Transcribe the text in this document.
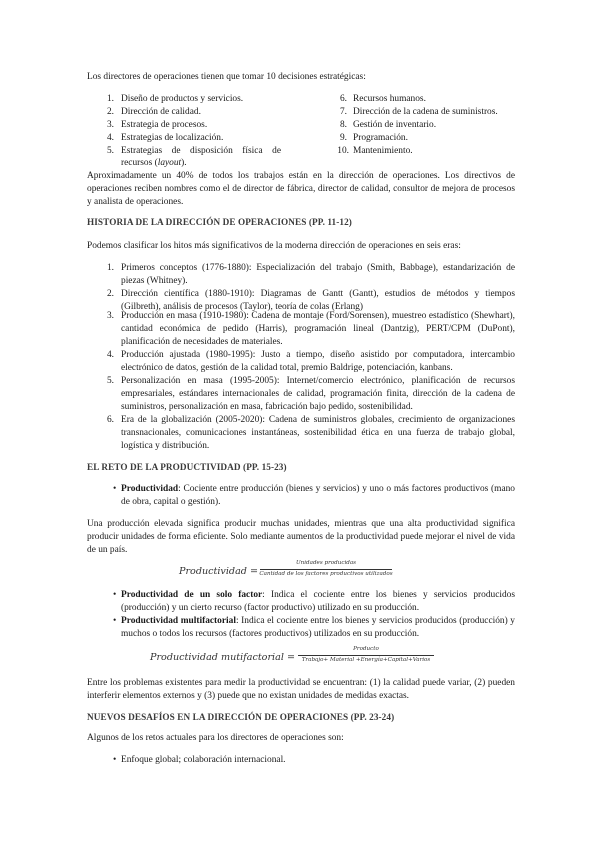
Los directores de operaciones tienen que tomar 10 decisiones estratégicas:
1. Diseño de productos y servicios.
2. Dirección de calidad.
3. Estrategia de procesos.
4. Estrategias de localización.
5. Estrategias de disposición física de
recursos (layout).
6. Recursos humanos.
7. Dirección de la cadena de suministros.
8. Gestión de inventario.
9. Programación.
10. Mantenimiento.
Aproximadamente un 40% de todos los trabajos están en la dirección de operaciones. Los directivos de operaciones reciben nombres como el de director de fábrica, director de calidad, consultor de mejora de procesos y analista de operaciones.
HISTORIA DE LA DIRECCIÓN DE OPERACIONES (PP. 11-12)
Podemos clasificar los hitos más significativos de la moderna dirección de operaciones en seis eras:
1. Primeros conceptos (1776-1880): Especialización del trabajo (Smith, Babbage), estandarización de piezas (Whitney).
2. Dirección científica (1880-1910): Diagramas de Gantt (Gantt), estudios de métodos y tiempos (Gilbreth), análisis de procesos (Taylor), teoría de colas (Erlang)
3. Producción en masa (1910-1980): Cadena de montaje (Ford/Sorensen), muestreo estadístico (Shewhart), cantidad económica de pedido (Harris), programación lineal (Dantzig), PERT/CPM (DuPont), planificación de necesidades de materiales.
4. Producción ajustada (1980-1995): Justo a tiempo, diseño asistido por computadora, intercambio electrónico de datos, gestión de la calidad total, premio Baldrige, potenciación, kanbans.
5. Personalización en masa (1995-2005): Internet/comercio electrónico, planificación de recursos empresariales, estándares internacionales de calidad, programación finita, dirección de la cadena de suministros, personalización en masa, fabricación bajo pedido, sostenibilidad.
6. Era de la globalización (2005-2020): Cadena de suministros globales, crecimiento de organizaciones transnacionales, comunicaciones instantáneas, sostenibilidad ética en una fuerza de trabajo global, logística y distribución.
EL RETO DE LA PRODUCTIVIDAD (PP. 15-23)
• Productividad: Cociente entre producción (bienes y servicios) y uno o más factores productivos (mano de obra, capital o gestión).
Una producción elevada significa producir muchas unidades, mientras que una alta productividad significa producir unidades de forma eficiente. Solo mediante aumentos de la productividad puede mejorar el nivel de vida de un país.
Productividad =
Unidades producidas
Cantidad de los factores productivos utilizados
• Productividad de un solo factor: Indica el cociente entre los bienes y servicios producidos (producción) y un cierto recurso (factor productivo) utilizado en su producción.
• Productividad multifactorial: Indica el cociente entre los bienes y servicios producidos (producción) y muchos o todos los recursos (factores productivos) utilizados en su producción.
Productividad mutifactorial =
Producto
Trabajo+ Material +Energía+Capital+Varios
Entre los problemas existentes para medir la productividad se encuentran: (1) la calidad puede variar, (2) pueden interferir elementos externos y (3) puede que no existan unidades de medidas exactas.
NUEVOS DESAFÍOS EN LA DIRECCIÓN DE OPERACIONES (PP. 23-24)
Algunos de los retos actuales para los directores de operaciones son:
• Enfoque global; colaboración internacional.
